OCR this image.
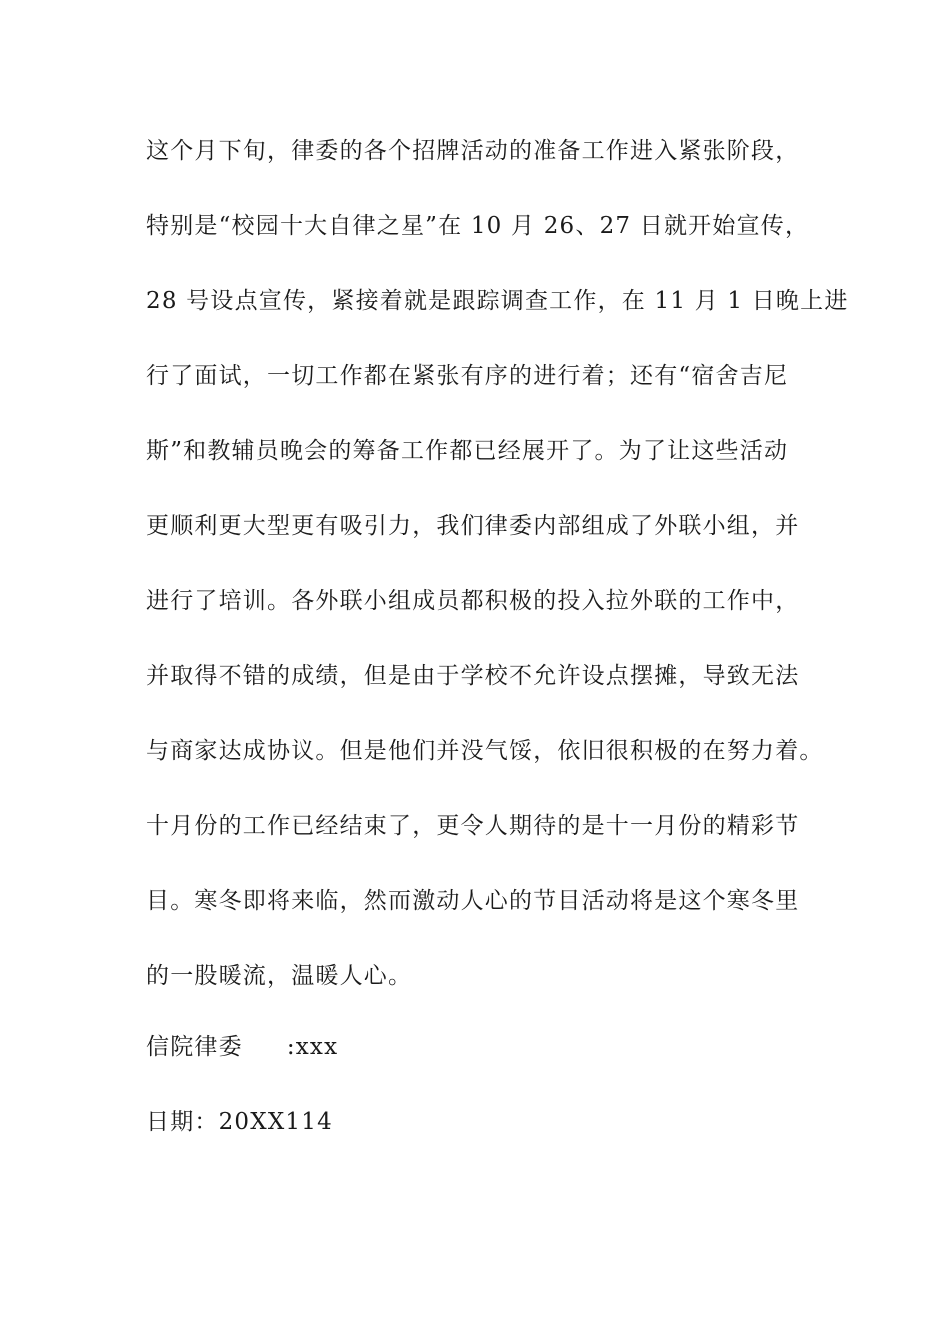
这个月下旬，律委的各个招牌活动的准备工作进入紧张阶段，
特别是“校园十大自律之星”在 10 月 26、27 日就开始宣传，
28 号设点宣传，紧接着就是跟踪调查工作，在 11 月 1 日晚上进
行了面试，一切工作都在紧张有序的进行着；还有“宿舍吉尼
斯”和教辅员晚会的筹备工作都已经展开了。为了让这些活动
更顺利更大型更有吸引力，我们律委内部组成了外联小组，并
进行了培训。各外联小组成员都积极的投入拉外联的工作中，
并取得不错的成绩，但是由于学校不允许设点摆摊，导致无法
与商家达成协议。但是他们并没气馁，依旧很积极的在努力着。
十月份的工作已经结束了，更令人期待的是十一月份的精彩节
目。寒冬即将来临，然而激动人心的节目活动将是这个寒冬里
的一股暖流，温暖人心。
信院律委 :xxx
日期：20XX114
